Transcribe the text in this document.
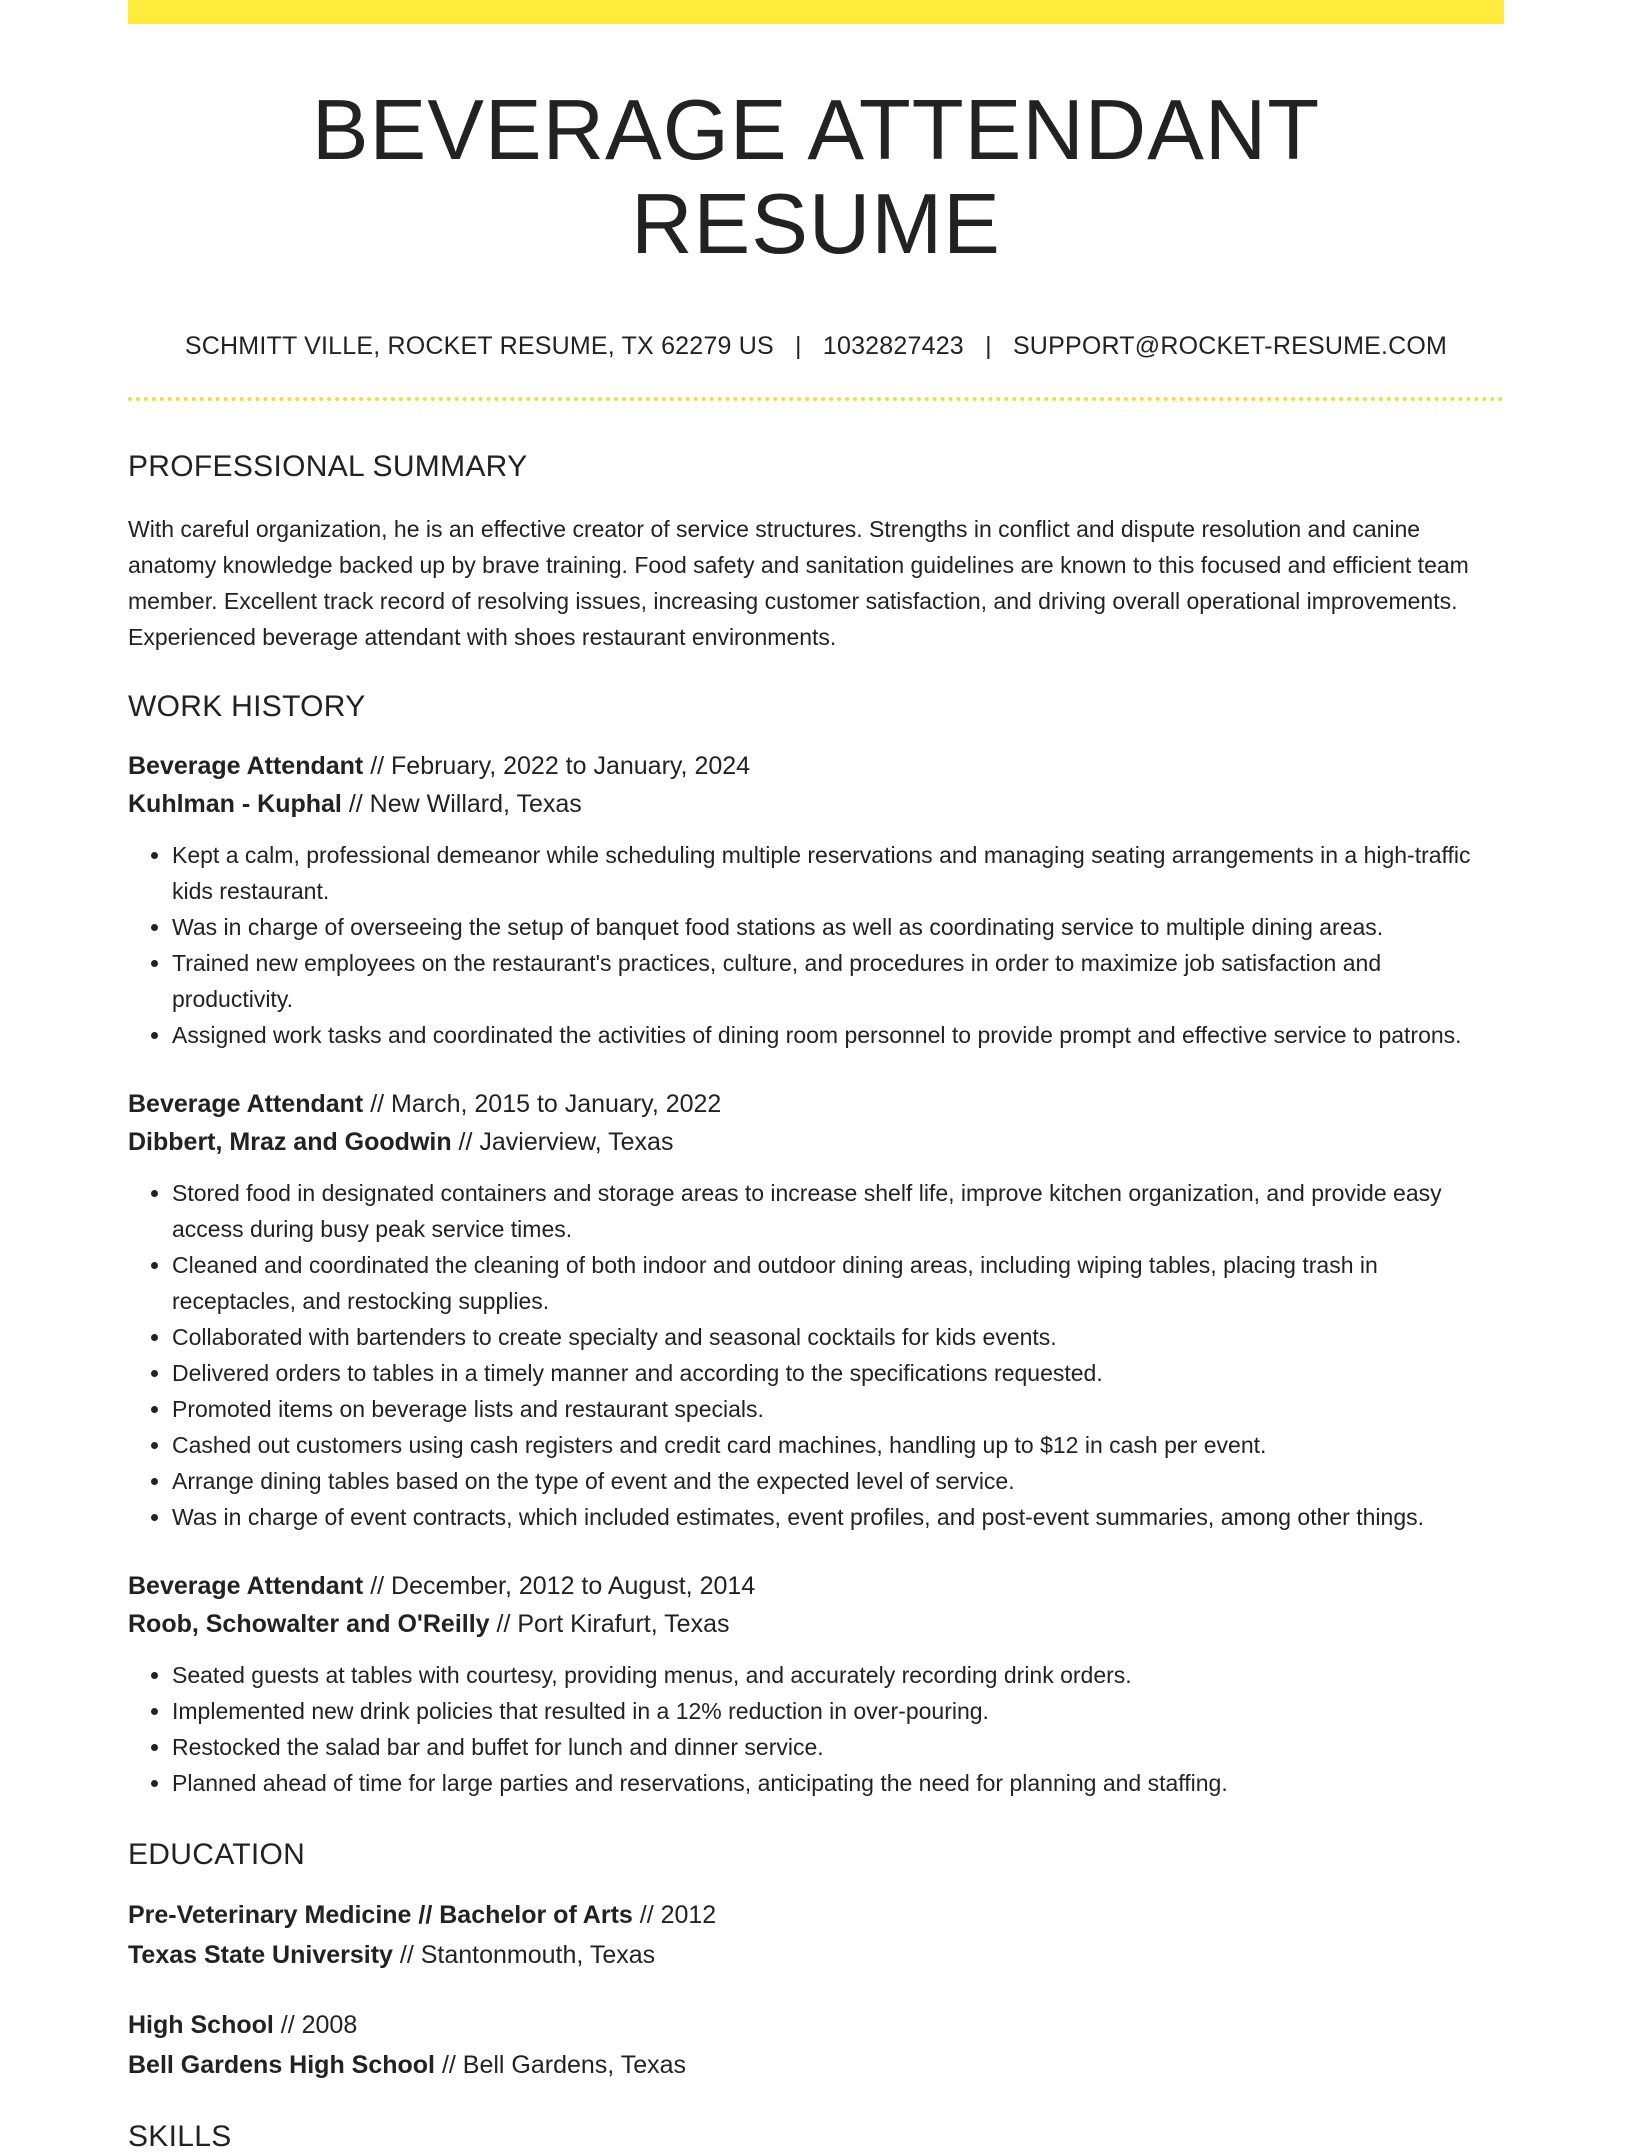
BEVERAGE ATTENDANT RESUME
SCHMITT VILLE, ROCKET RESUME, TX 62279 US | 1032827423 | SUPPORT@ROCKET-RESUME.COM
PROFESSIONAL SUMMARY

With careful organization, he is an effective creator of service structures. Strengths in conflict and dispute resolution and canine anatomy knowledge backed up by brave training. Food safety and sanitation guidelines are known to this focused and efficient team member. Excellent track record of resolving issues, increasing customer satisfaction, and driving overall operational improvements. Experienced beverage attendant with shoes restaurant environments.

WORK HISTORY
Beverage Attendant // February, 2022 to January, 2024
Kuhlman - Kuphal // New Willard, Texas
• Kept a calm, professional demeanor while scheduling multiple reservations and managing seating arrangements in a high-traffic kids restaurant.
• Was in charge of overseeing the setup of banquet food stations as well as coordinating service to multiple dining areas.
• Trained new employees on the restaurant's practices, culture, and procedures in order to maximize job satisfaction and productivity.
• Assigned work tasks and coordinated the activities of dining room personnel to provide prompt and effective service to patrons.
Beverage Attendant // March, 2015 to January, 2022
Dibbert, Mraz and Goodwin // Javierview, Texas
• Stored food in designated containers and storage areas to increase shelf life, improve kitchen organization, and provide easy access during busy peak service times.
• Cleaned and coordinated the cleaning of both indoor and outdoor dining areas, including wiping tables, placing trash in receptacles, and restocking supplies.
• Collaborated with bartenders to create specialty and seasonal cocktails for kids events.
• Delivered orders to tables in a timely manner and according to the specifications requested.
• Promoted items on beverage lists and restaurant specials.
• Cashed out customers using cash registers and credit card machines, handling up to $12 in cash per event.
• Arrange dining tables based on the type of event and the expected level of service.
• Was in charge of event contracts, which included estimates, event profiles, and post-event summaries, among other things.
Beverage Attendant // December, 2012 to August, 2014
Roob, Schowalter and O'Reilly // Port Kirafurt, Texas
• Seated guests at tables with courtesy, providing menus, and accurately recording drink orders.
• Implemented new drink policies that resulted in a 12% reduction in over-pouring.
• Restocked the salad bar and buffet for lunch and dinner service.
• Planned ahead of time for large parties and reservations, anticipating the need for planning and staffing.
EDUCATION
Pre-Veterinary Medicine // Bachelor of Arts // 2012
Texas State University // Stantonmouth, Texas
High School // 2008
Bell Gardens High School // Bell Gardens, Texas
SKILLS
